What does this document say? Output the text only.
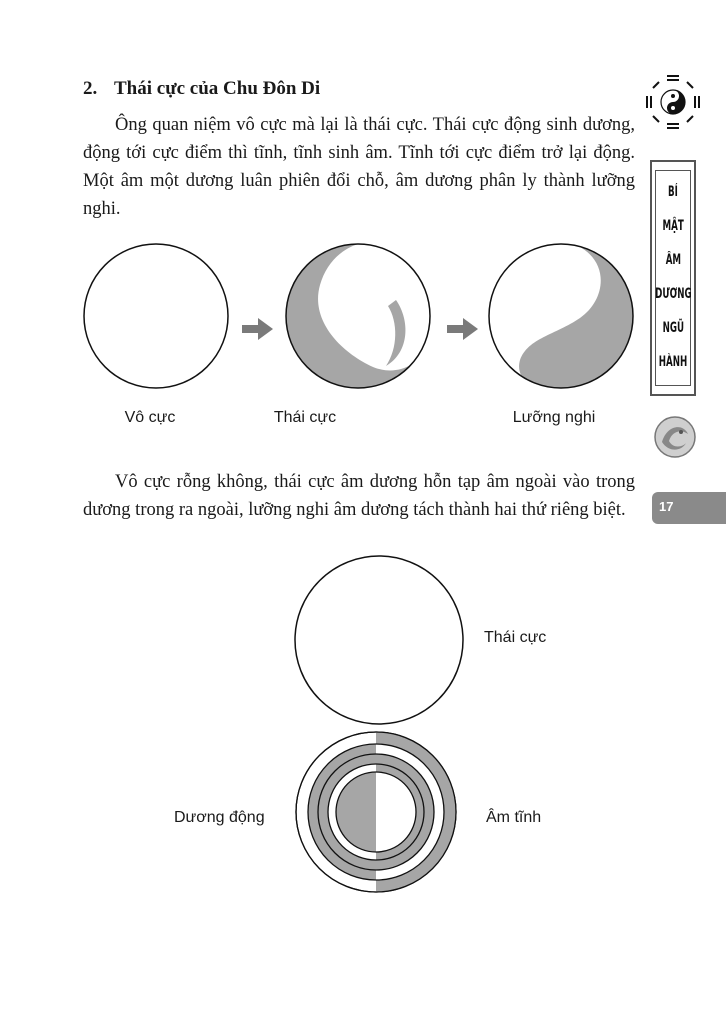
2. Thái cực của Chu Đôn Di

Ông quan niệm vô cực mà lại là thái cực. Thái cực động sinh dương, động tới cực điểm thì tĩnh, tĩnh sinh âm. Tĩnh tới cực điểm trở lại động. Một âm một dương luân phiên đổi chỗ, âm dương phân ly thành lưỡng nghi.

Vô cực rỗng không, thái cực âm dương hỗn tạp âm ngoài vào trong dương trong ra ngoài, lưỡng nghi âm dương tách thành hai thứ riêng biệt.

Vô cực	Thái cực	Lưỡng nghi
Thái cực
Dương động	Âm tĩnh
BÍ
MẬT
ÂM
DƯƠNG
NGŨ
HÀNH
17
